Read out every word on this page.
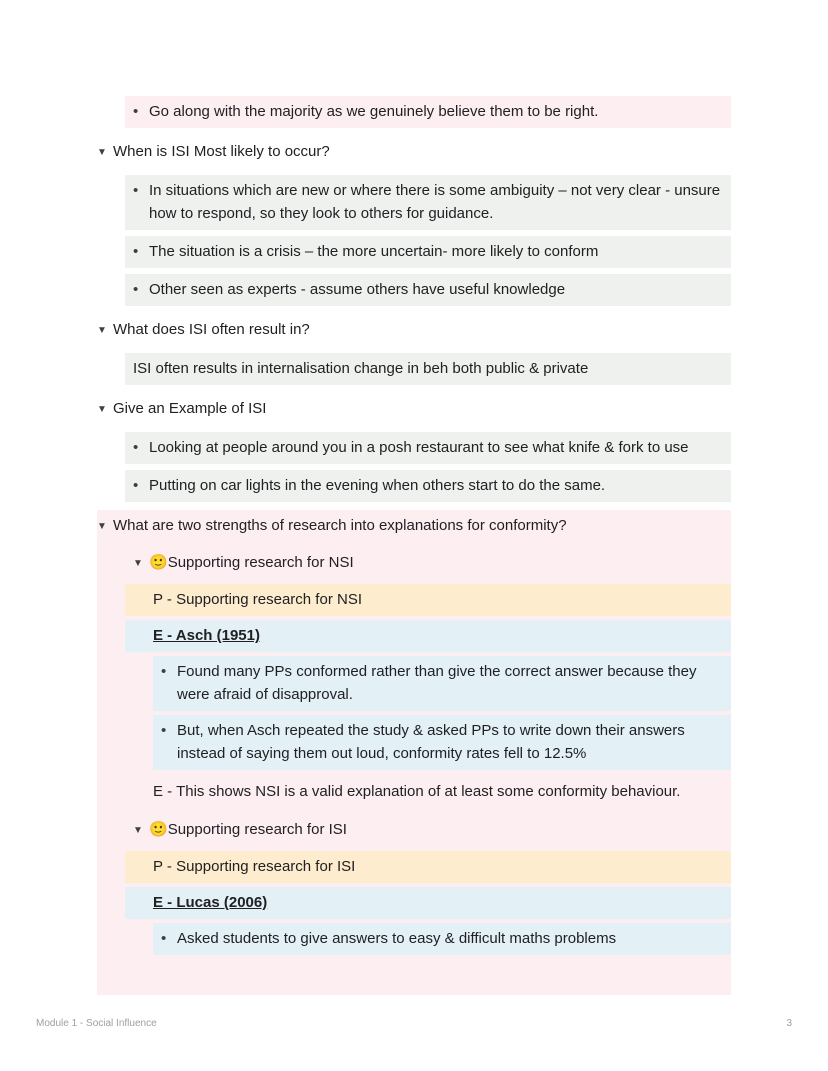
• Go along with the majority as we genuinely believe them to be right.
▼ When is ISI Most likely to occur?
• In situations which are new or where there is some ambiguity – not very clear - unsure how to respond, so they look to others for guidance.
• The situation is a crisis – the more uncertain- more likely to conform
• Other seen as experts - assume others have useful knowledge
▼ What does ISI often result in?
ISI often results in internalisation change in beh both public & private
▼ Give an Example of ISI
• Looking at people around you in a posh restaurant to see what knife & fork to use
• Putting on car lights in the evening when others start to do the same.
▼ What are two strengths of research into explanations for conformity?
▼ 🙂 Supporting research for NSI
P - Supporting research for NSI
E - Asch (1951)
• Found many PPs conformed rather than give the correct answer because they were afraid of disapproval.
• But, when Asch repeated the study & asked PPs to write down their answers instead of saying them out loud, conformity rates fell to 12.5%
E - This shows NSI is a valid explanation of at least some conformity behaviour.
▼ 🙂 Supporting research for ISI
P - Supporting research for ISI
E - Lucas (2006)
• Asked students to give answers to easy & difficult maths problems
Module 1 - Social Influence	3
